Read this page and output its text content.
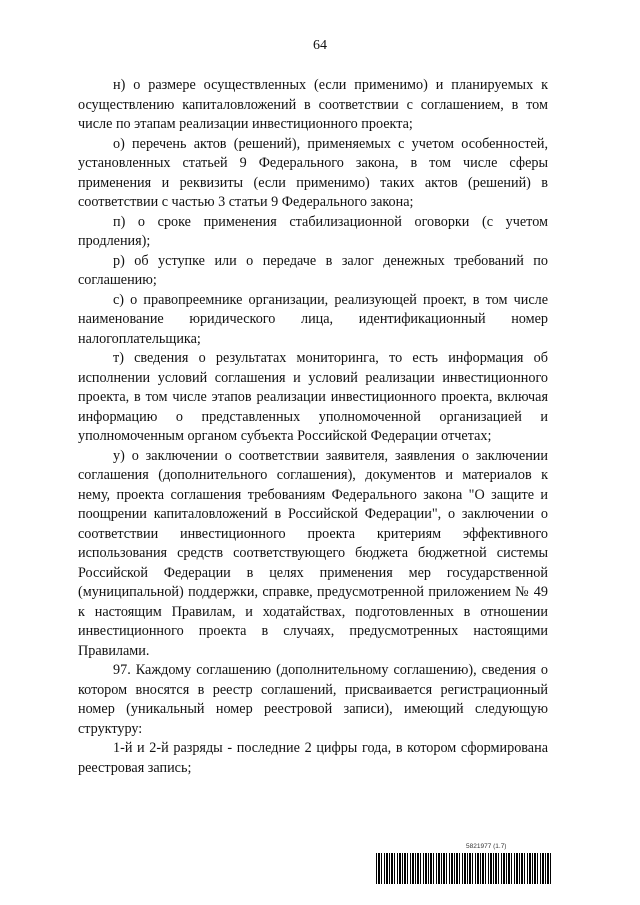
64

н) о размере осуществленных (если применимо) и планируемых к осуществлению капиталовложений в соответствии с соглашением, в том числе по этапам реализации инвестиционного проекта;

о) перечень актов (решений), применяемых с учетом особенностей, установленных статьей 9 Федерального закона, в том числе сферы применения и реквизиты (если применимо) таких актов (решений) в соответствии с частью 3 статьи 9 Федерального закона;

п) о сроке применения стабилизационной оговорки (с учетом продления);

р) об уступке или о передаче в залог денежных требований по соглашению;

с) о правопреемнике организации, реализующей проект, в том числе наименование юридического лица, идентификационный номер налогоплательщика;

т) сведения о результатах мониторинга, то есть информация об исполнении условий соглашения и условий реализации инвестиционного проекта, в том числе этапов реализации инвестиционного проекта, включая информацию о представленных уполномоченной организацией и уполномоченным органом субъекта Российской Федерации отчетах;

у) о заключении о соответствии заявителя, заявления о заключении соглашения (дополнительного соглашения), документов и материалов к нему, проекта соглашения требованиям Федерального закона "О защите и поощрении капиталовложений в Российской Федерации", о заключении о соответствии инвестиционного проекта критериям эффективного использования средств соответствующего бюджета бюджетной системы Российской Федерации в целях применения мер государственной (муниципальной) поддержки, справке, предусмотренной приложением № 49 к настоящим Правилам, и ходатайствах, подготовленных в отношении инвестиционного проекта в случаях, предусмотренных настоящими Правилами.

97. Каждому соглашению (дополнительному соглашению), сведения о котором вносятся в реестр соглашений, присваивается регистрационный номер (уникальный номер реестровой записи), имеющий следующую структуру:

1-й и 2-й разряды - последние 2 цифры года, в котором сформирована реестровая запись;

5821977 (1.7)
